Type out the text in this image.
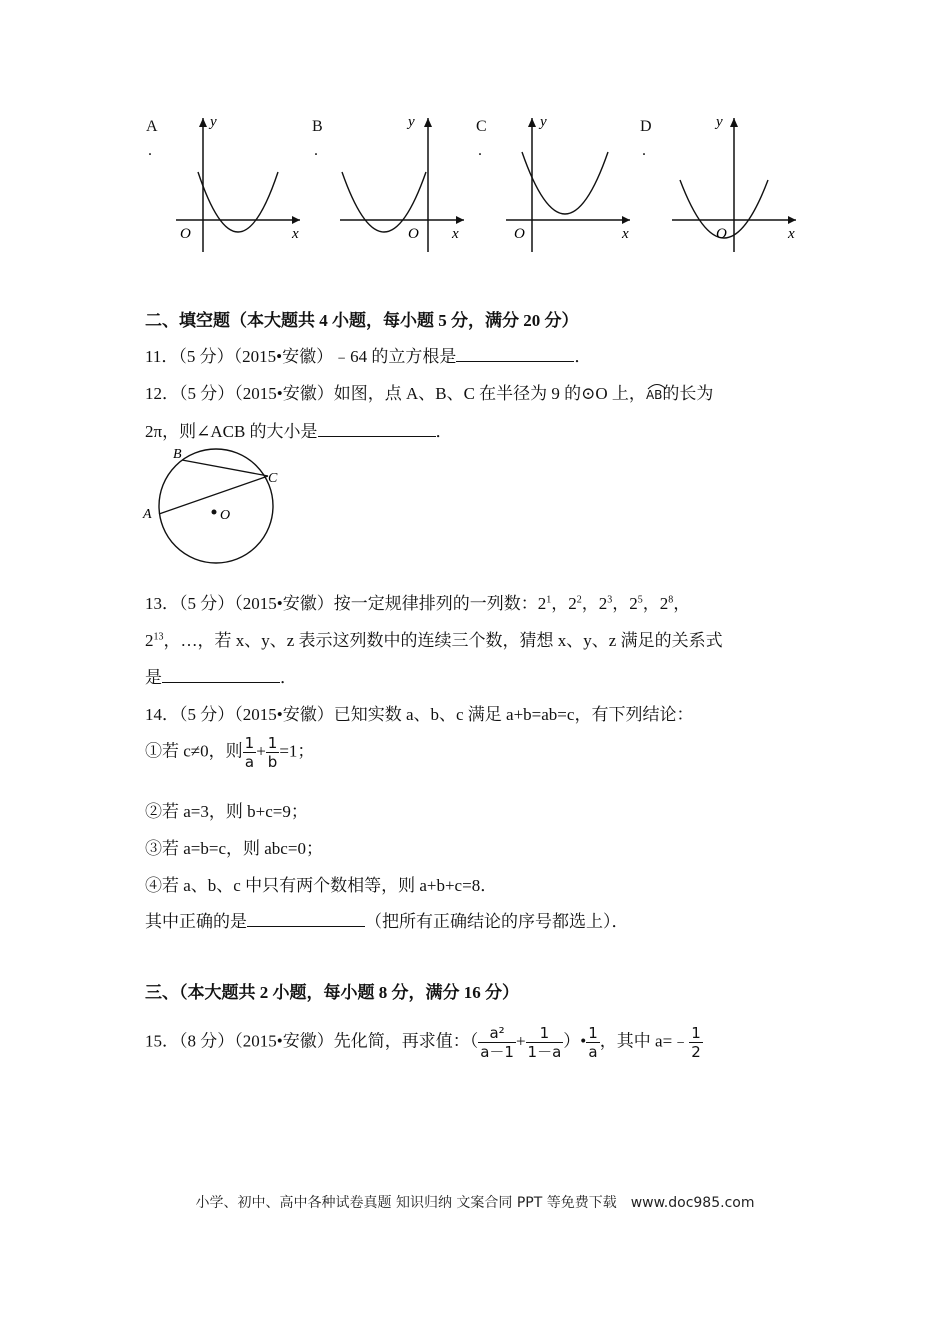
A
.
B
.
C
.
D
.
y
x
O
y
x
O
y
x
O
y
x
O
二、填空题（本大题共 4 小题，每小题 5 分，满分 20 分）
11．（5 分）（2015•安徽）﹣64 的立方根是	．
12．（5 分）（2015•安徽）如图，点 A、B、C 在半径为 9 的⊙O 上，
AB的长为
2π，则∠ACB 的大小是	．
B
C
A	O
13．（5 分）（2015•安徽）按一定规律排列的一列数：$2^1$，$2^2$，$2^3$，$2^5$，$2^8$，
$2^{13}$，…，若 x、y、z 表示这列数中的连续三个数，猜想 x、y、z 满足的关系式
是	．
14．（5 分）（2015•安徽）已知实数 a、b、c 满足 a+b=ab=c，有下列结论：
①若 c≠0，则 $\frac{1}{a} + \frac{1}{b} =1$；
②若 a=3，则 b+c=9；
③若 a=b=c，则 abc=0；
④若 a、b、c 中只有两个数相等，则 a+b+c=8．
其中正确的是	（把所有正确结论的序号都选上）．
三、（本大题共 2 小题，每小题 8 分，满分 16 分）
15．（8 分）（2015•安徽）先化简，再求值：（ $\frac{\text{a²}}{a-1} + \frac{1}{1-a}$ ）• $\frac{1}{a}$ ，其中 a=﹣ $\frac{1}{2}$
小学、初中、高中各种试卷真题 知识归纳 文案合同 PPT 等免费下载　www.doc985.com
